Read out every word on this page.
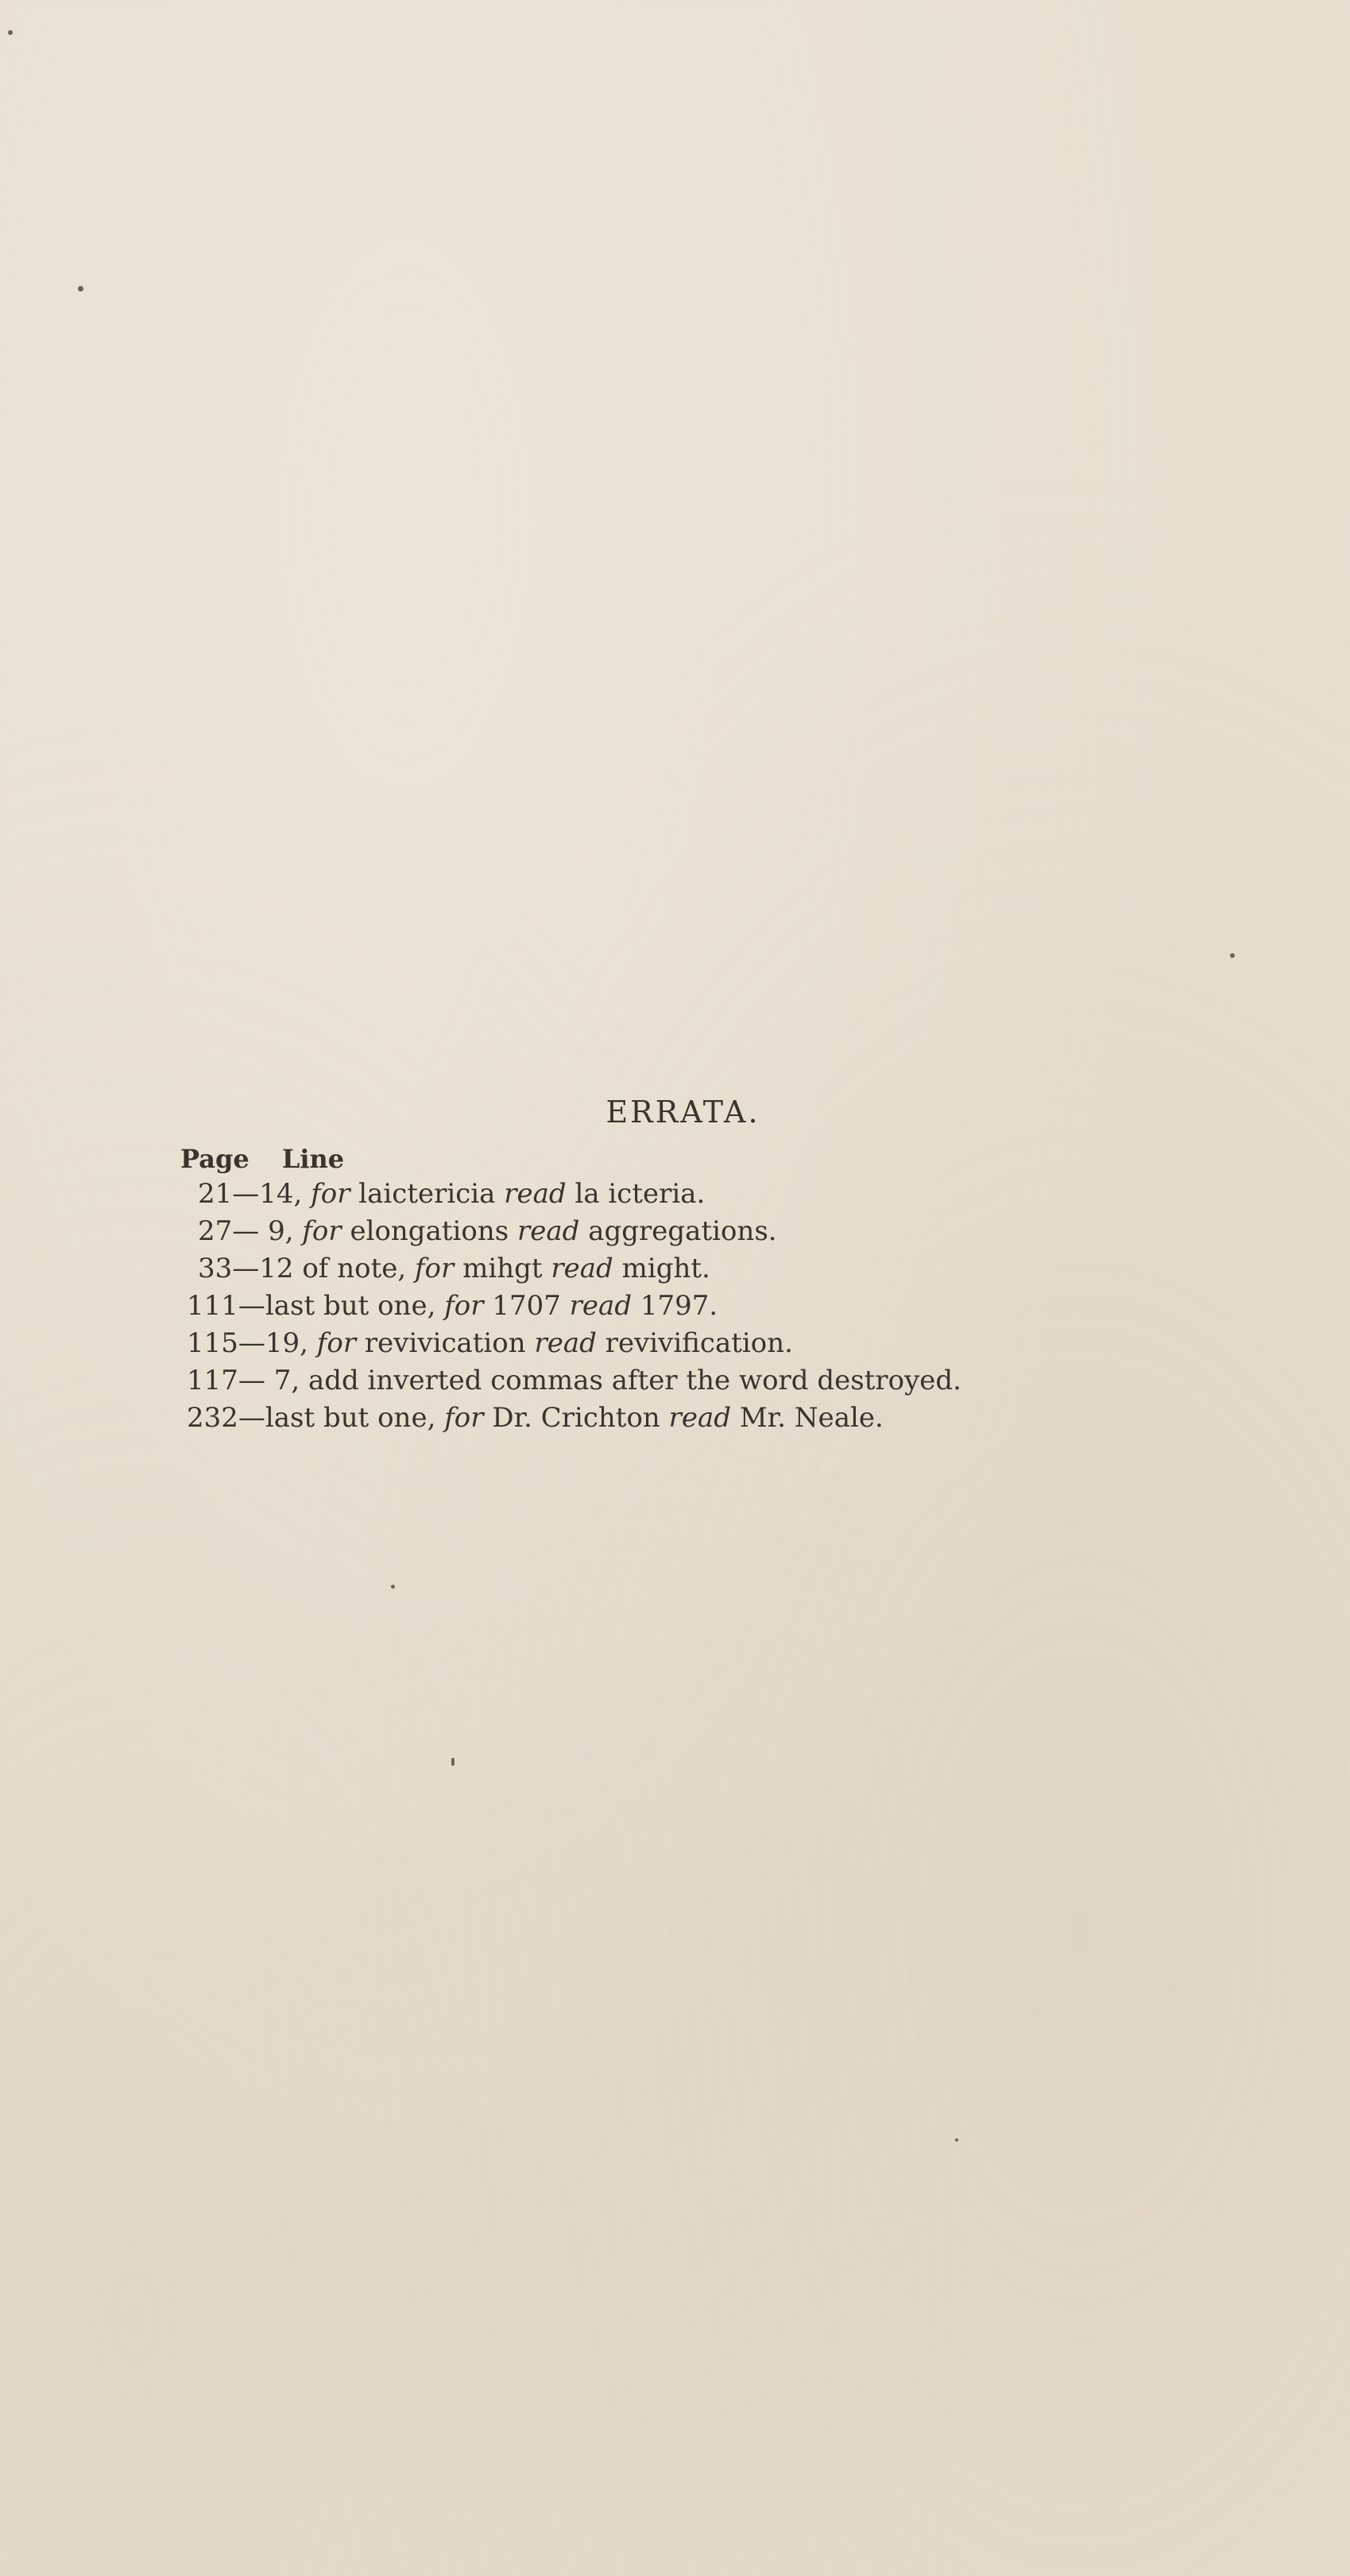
ERRATA.
Page Line
21—14, for laictericia read la icteria.
27— 9, for elongations read aggregations.
33—12 of note, for mihgt read might.
111—last but one, for 1707 read 1797.
115—19, for revivication read revivification.
117— 7, add inverted commas after the word destroyed.
232—last but one, for Dr. Crichton read Mr. Neale.
